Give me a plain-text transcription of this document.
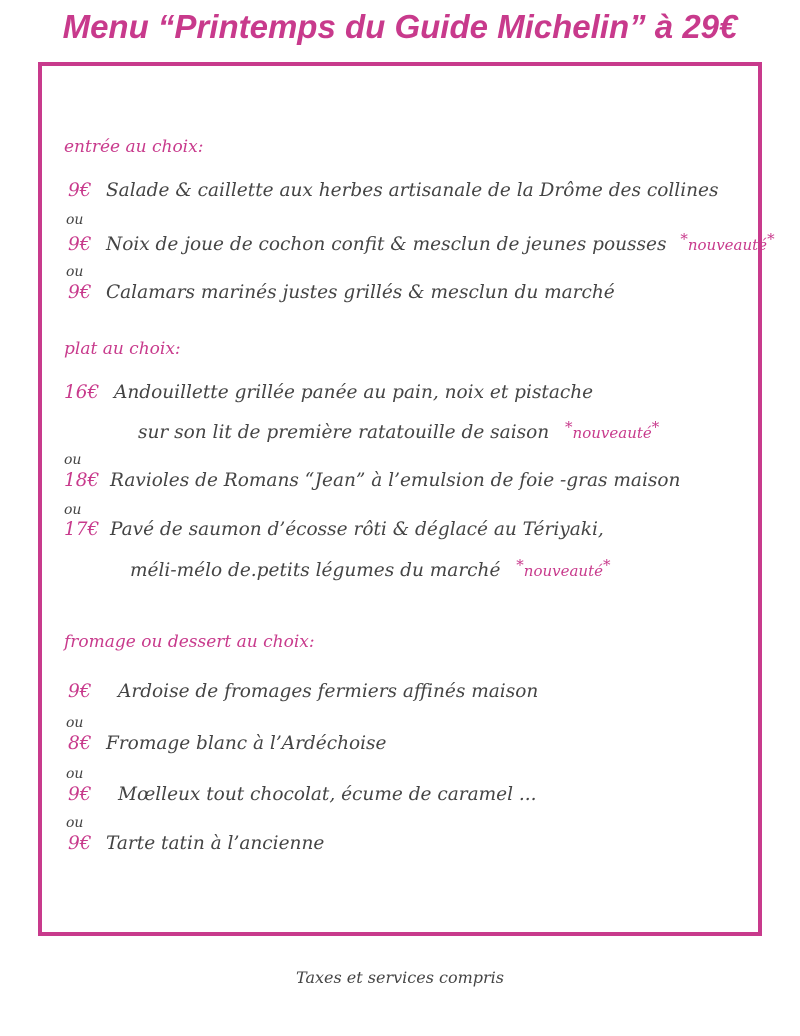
Menu “Printemps du Guide Michelin” à 29€
entrée au choix:
9€ Salade & caillette aux herbes artisanale de la Drôme des collines
ou
9€ Noix de joue de cochon confit & mesclun de jeunes pousses *nouveauté*
ou
9€ Calamars marinés justes grillés & mesclun du marché
plat au choix:
16€ Andouillette grillée panée au pain, noix et pistache
sur son lit de première ratatouille de saison *nouveauté*
ou
18€ Ravioles de Romans “Jean” à l’emulsion de foie -gras maison
ou
17€ Pavé de saumon d’écosse rôti & déglacé au Tériyaki,
méli-mélo de.petits légumes du marché *nouveauté*
fromage ou dessert au choix:
9€ Ardoise de fromages fermiers affinés maison
ou
8€ Fromage blanc à l’Ardéchoise
ou
9€ Mœlleux tout chocolat, écume de caramel ...
ou
9€ Tarte tatin à l’ancienne
Taxes et services compris
